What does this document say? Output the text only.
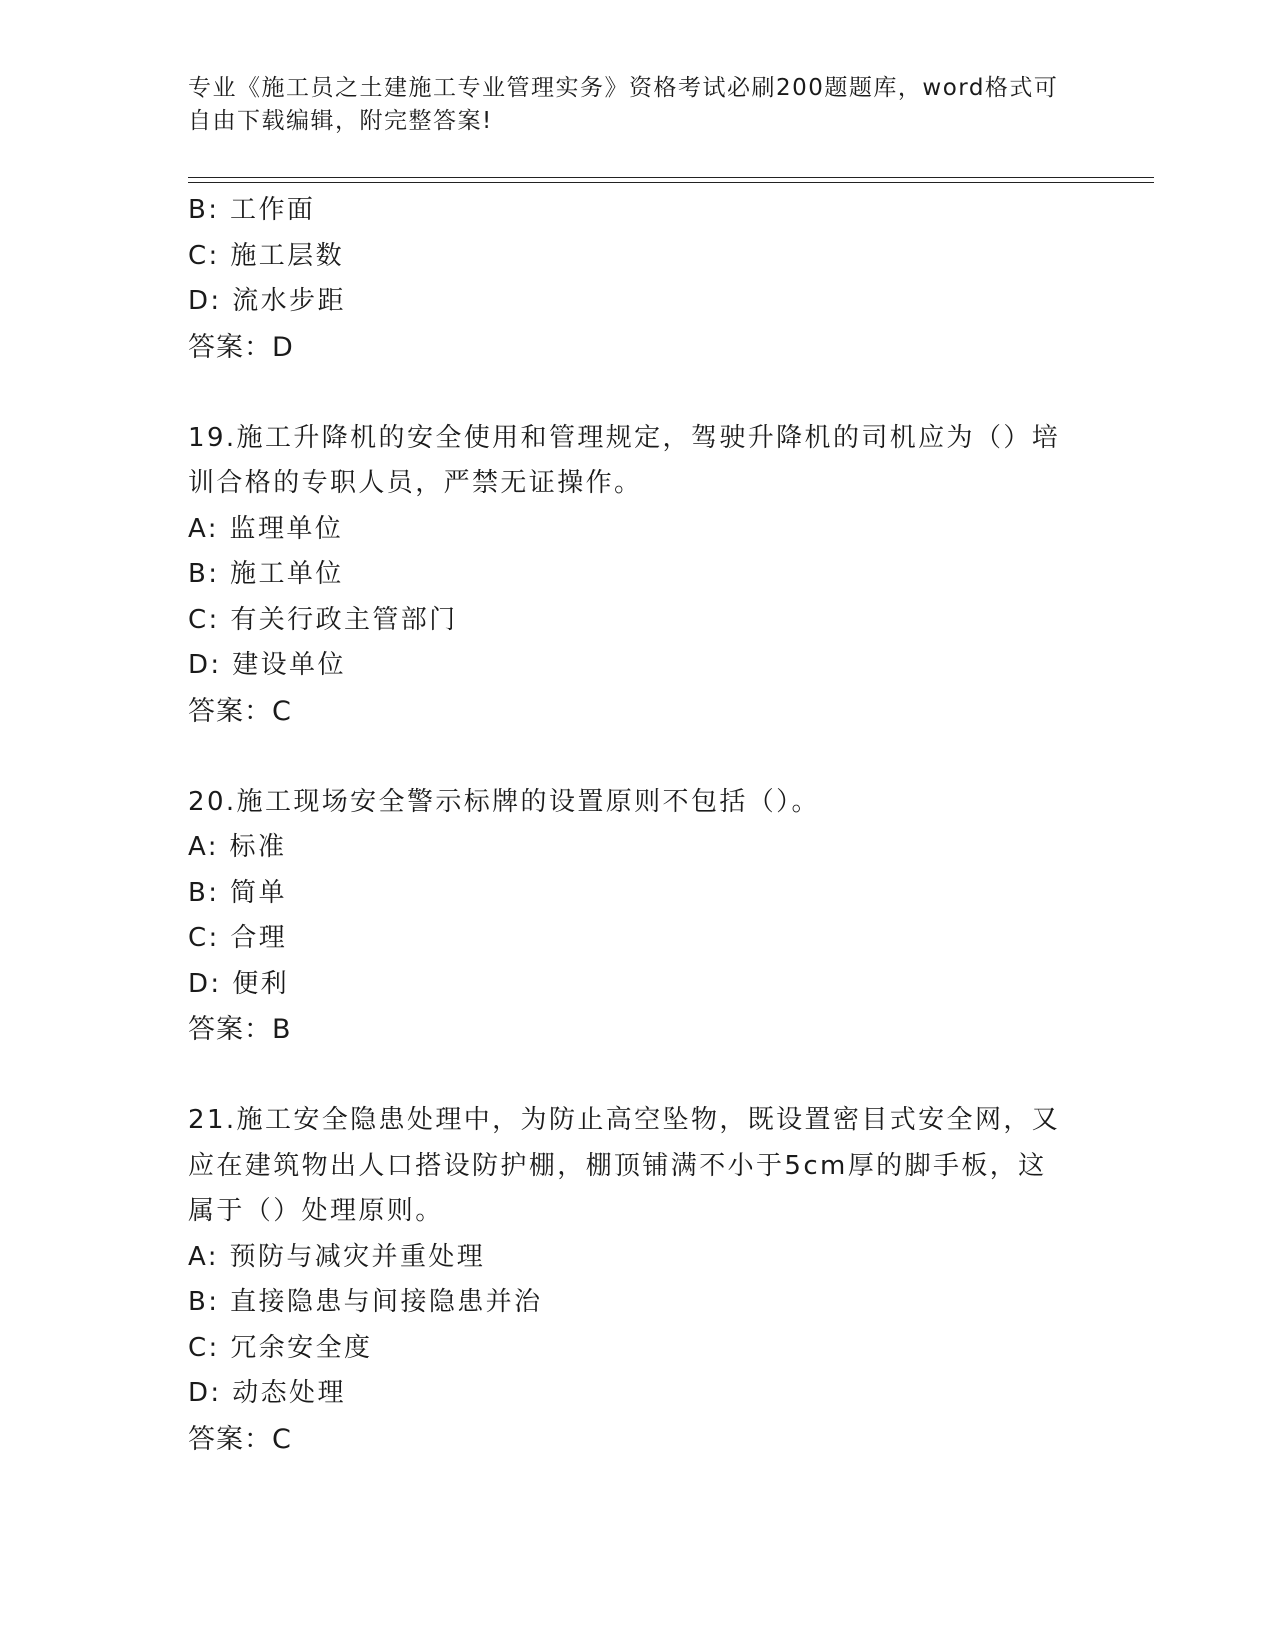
专业《施工员之土建施工专业管理实务》资格考试必刷200题题库，word格式可
自由下载编辑，附完整答案!
B: 工作面
C: 施工层数
D: 流水步距
答案：D
19.施工升降机的安全使用和管理规定，驾驶升降机的司机应为（）培
训合格的专职人员，严禁无证操作。
A: 监理单位
B: 施工单位
C: 有关行政主管部门
D: 建设单位
答案：C
20.施工现场安全警示标牌的设置原则不包括（）。
A: 标准
B: 简单
C: 合理
D: 便利
答案：B
21.施工安全隐患处理中，为防止高空坠物，既设置密目式安全网，又
应在建筑物出人口搭设防护棚，棚顶铺满不小于5cm厚的脚手板，这
属于（）处理原则。
A: 预防与减灾并重处理
B: 直接隐患与间接隐患并治
C: 冗余安全度
D: 动态处理
答案：C
